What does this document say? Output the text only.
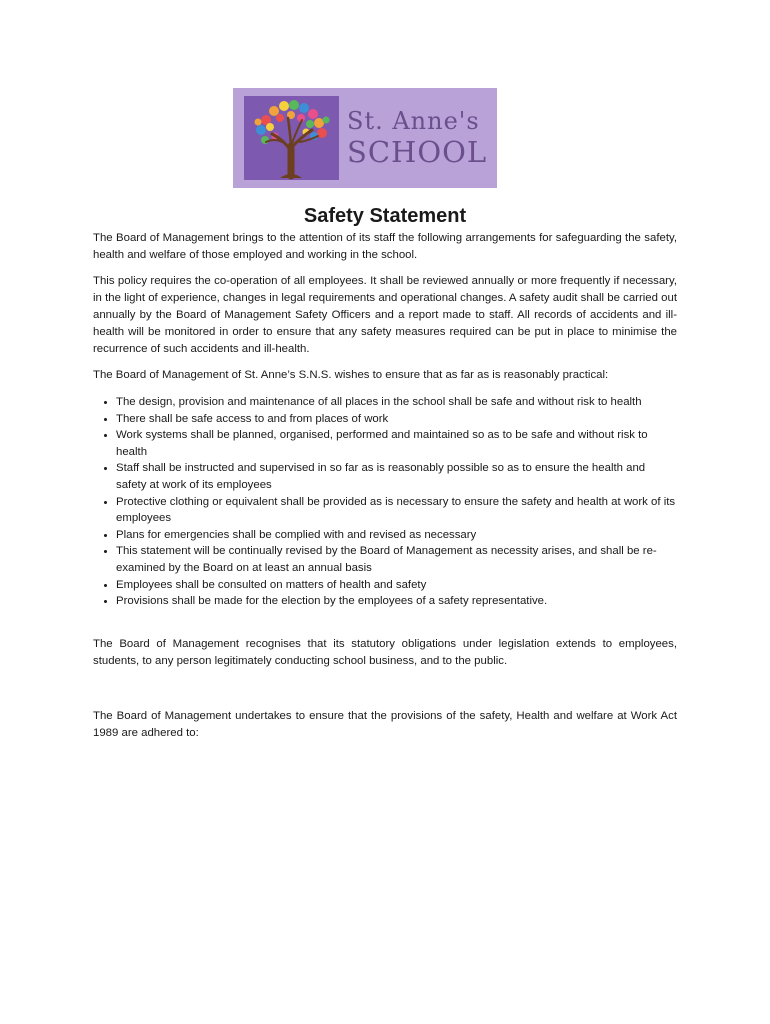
St. Anne's
SCHOOL
Safety Statement

The Board of Management brings to the attention of its staff the following arrangements for safeguarding the safety, health and welfare of those employed and working in the school.

This policy requires the co-operation of all employees. It shall be reviewed annually or more frequently if necessary, in the light of experience, changes in legal requirements and operational changes. A safety audit shall be carried out annually by the Board of Management Safety Officers and a report made to staff. All records of accidents and ill-health will be monitored in order to ensure that any safety measures required can be put in place to minimise the recurrence of such accidents and ill-health.

The Board of Management of St. Anne’s S.N.S. wishes to ensure that as far as is reasonably practical:

• The design, provision and maintenance of all places in the school shall be safe and without risk to health
• There shall be safe access to and from places of work
• Work systems shall be planned, organised, performed and maintained so as to be safe and without risk to health
• Staff shall be instructed and supervised in so far as is reasonably possible so as to ensure the health and safety at work of its employees
• Protective clothing or equivalent shall be provided as is necessary to ensure the safety and health at work of its employees
• Plans for emergencies shall be complied with and revised as necessary
• This statement will be continually revised by the Board of Management as necessity arises, and shall be re-examined by the Board on at least an annual basis
• Employees shall be consulted on matters of health and safety
• Provisions shall be made for the election by the employees of a safety representative.

The Board of Management recognises that its statutory obligations under legislation extends to employees, students, to any person legitimately conducting school business, and to the public.

The Board of Management undertakes to ensure that the provisions of the safety, Health and welfare at Work Act 1989 are adhered to:
